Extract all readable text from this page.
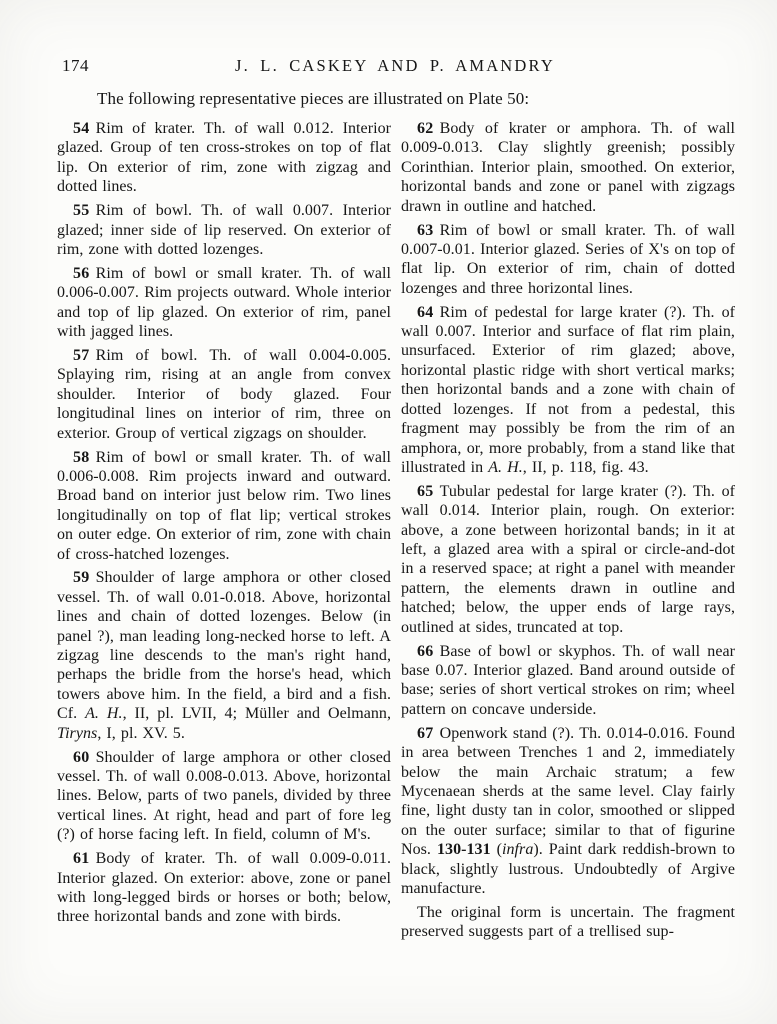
174	J. L. CASKEY AND P. AMANDRY

The following representative pieces are illustrated on Plate 50:

54 Rim of krater. Th. of wall 0.012. Interior glazed. Group of ten cross-strokes on top of flat lip. On exterior of rim, zone with zigzag and dotted lines.

55 Rim of bowl. Th. of wall 0.007. Interior glazed; inner side of lip reserved. On exterior of rim, zone with dotted lozenges.

56 Rim of bowl or small krater. Th. of wall 0.006-0.007. Rim projects outward. Whole interior and top of lip glazed. On exterior of rim, panel with jagged lines.

57 Rim of bowl. Th. of wall 0.004-0.005. Splaying rim, rising at an angle from convex shoulder. Interior of body glazed. Four longitudinal lines on interior of rim, three on exterior. Group of vertical zigzags on shoulder.

58 Rim of bowl or small krater. Th. of wall 0.006-0.008. Rim projects inward and outward. Broad band on interior just below rim. Two lines longitudinally on top of flat lip; vertical strokes on outer edge. On exterior of rim, zone with chain of cross-hatched lozenges.

59 Shoulder of large amphora or other closed vessel. Th. of wall 0.01-0.018. Above, horizontal lines and chain of dotted lozenges. Below (in panel ?), man leading long-necked horse to left. A zigzag line descends to the man's right hand, perhaps the bridle from the horse's head, which towers above him. In the field, a bird and a fish. Cf. A. H., II, pl. LVII, 4; Müller and Oelmann, Tiryns, I, pl. XV. 5.

60 Shoulder of large amphora or other closed vessel. Th. of wall 0.008-0.013. Above, horizontal lines. Below, parts of two panels, divided by three vertical lines. At right, head and part of fore leg (?) of horse facing left. In field, column of M's.

61 Body of krater. Th. of wall 0.009-0.011. Interior glazed. On exterior: above, zone or panel with long-legged birds or horses or both; below, three horizontal bands and zone with birds.

62 Body of krater or amphora. Th. of wall 0.009-0.013. Clay slightly greenish; possibly Corinthian. Interior plain, smoothed. On exterior, horizontal bands and zone or panel with zigzags drawn in outline and hatched.

63 Rim of bowl or small krater. Th. of wall 0.007-0.01. Interior glazed. Series of X's on top of flat lip. On exterior of rim, chain of dotted lozenges and three horizontal lines.

64 Rim of pedestal for large krater (?). Th. of wall 0.007. Interior and surface of flat rim plain, unsurfaced. Exterior of rim glazed; above, horizontal plastic ridge with short vertical marks; then horizontal bands and a zone with chain of dotted lozenges. If not from a pedestal, this fragment may possibly be from the rim of an amphora, or, more probably, from a stand like that illustrated in A. H., II, p. 118, fig. 43.

65 Tubular pedestal for large krater (?). Th. of wall 0.014. Interior plain, rough. On exterior: above, a zone between horizontal bands; in it at left, a glazed area with a spiral or circle-and-dot in a reserved space; at right a panel with meander pattern, the elements drawn in outline and hatched; below, the upper ends of large rays, outlined at sides, truncated at top.

66 Base of bowl or skyphos. Th. of wall near base 0.07. Interior glazed. Band around outside of base; series of short vertical strokes on rim; wheel pattern on concave underside.

67 Openwork stand (?). Th. 0.014-0.016. Found in area between Trenches 1 and 2, immediately below the main Archaic stratum; a few Mycenaean sherds at the same level. Clay fairly fine, light dusty tan in color, smoothed or slipped on the outer surface; similar to that of figurine Nos. 130-131 (infra). Paint dark reddish-brown to black, slightly lustrous. Undoubtedly of Argive manufacture.

The original form is uncertain. The fragment preserved suggests part of a trellised sup-
